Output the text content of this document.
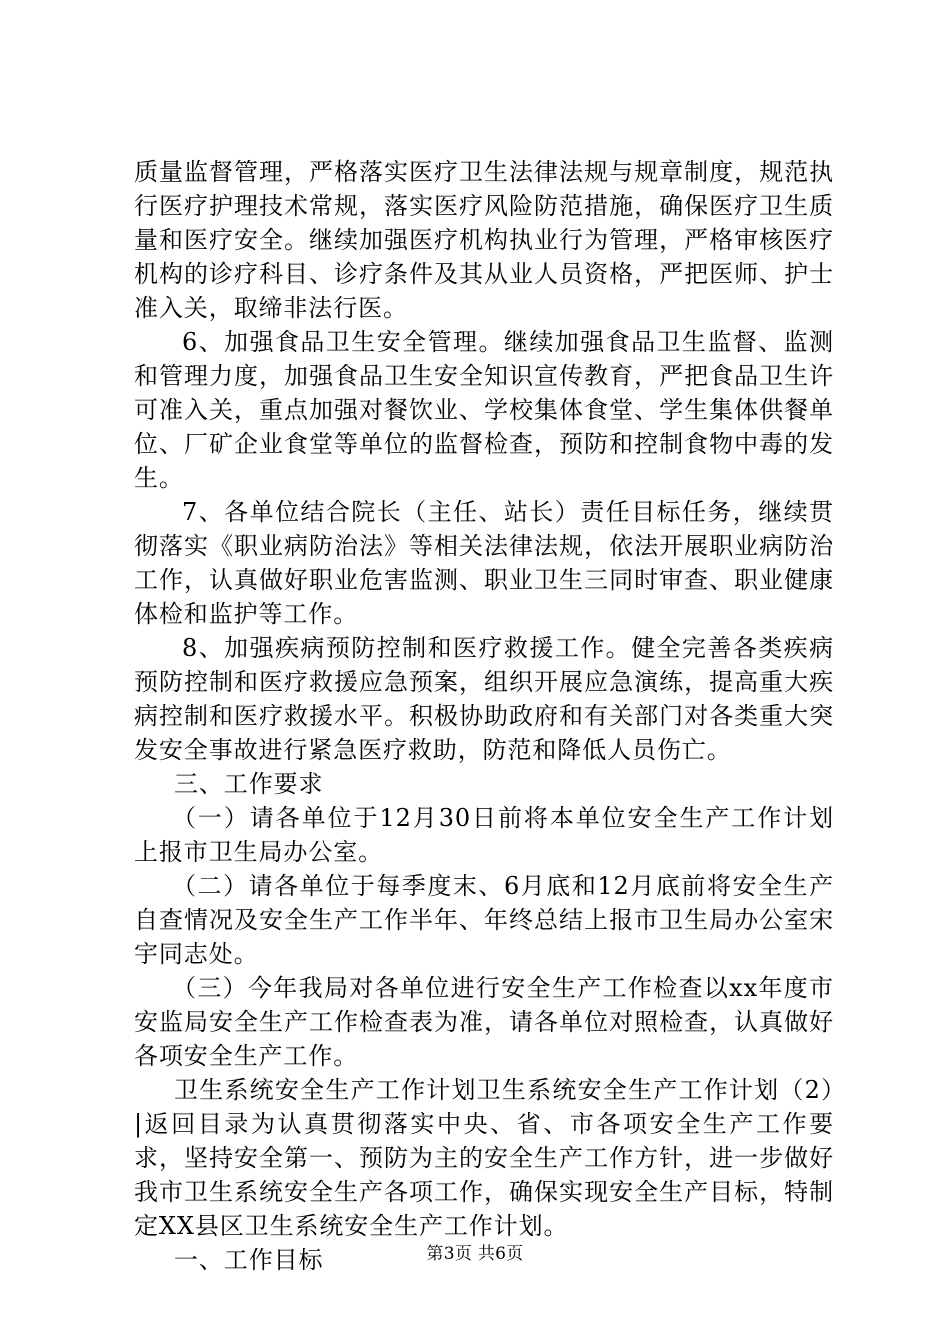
质量监督管理，严格落实医疗卫生法律法规与规章制度，规范执行医疗护理技术常规，落实医疗风险防范措施，确保医疗卫生质量和医疗安全。继续加强医疗机构执业行为管理，严格审核医疗机构的诊疗科目、诊疗条件及其从业人员资格，严把医师、护士准入关，取缔非法行医。

6、加强食品卫生安全管理。继续加强食品卫生监督、监测和管理力度，加强食品卫生安全知识宣传教育，严把食品卫生许可准入关，重点加强对餐饮业、学校集体食堂、学生集体供餐单位、厂矿企业食堂等单位的监督检查，预防和控制食物中毒的发生。

7、各单位结合院长（主任、站长）责任目标任务，继续贯彻落实《职业病防治法》等相关法律法规，依法开展职业病防治工作，认真做好职业危害监测、职业卫生三同时审查、职业健康体检和监护等工作。

8、加强疾病预防控制和医疗救援工作。健全完善各类疾病预防控制和医疗救援应急预案，组织开展应急演练，提高重大疾病控制和医疗救援水平。积极协助政府和有关部门对各类重大突发安全事故进行紧急医疗救助，防范和降低人员伤亡。

三、工作要求

（一）请各单位于12月30日前将本单位安全生产工作计划上报市卫生局办公室。

（二）请各单位于每季度末、6月底和12月底前将安全生产自查情况及安全生产工作半年、年终总结上报市卫生局办公室宋宇同志处。

（三）今年我局对各单位进行安全生产工作检查以xx年度市安监局安全生产工作检查表为准，请各单位对照检查，认真做好各项安全生产工作。

卫生系统安全生产工作计划卫生系统安全生产工作计划（2）|返回目录为认真贯彻落实中央、省、市各项安全生产工作要求，坚持安全第一、预防为主的安全生产工作方针，进一步做好我市卫生系统安全生产各项工作，确保实现安全生产目标，特制定XX县区卫生系统安全生产工作计划。

一、工作目标	第3页 共6页
